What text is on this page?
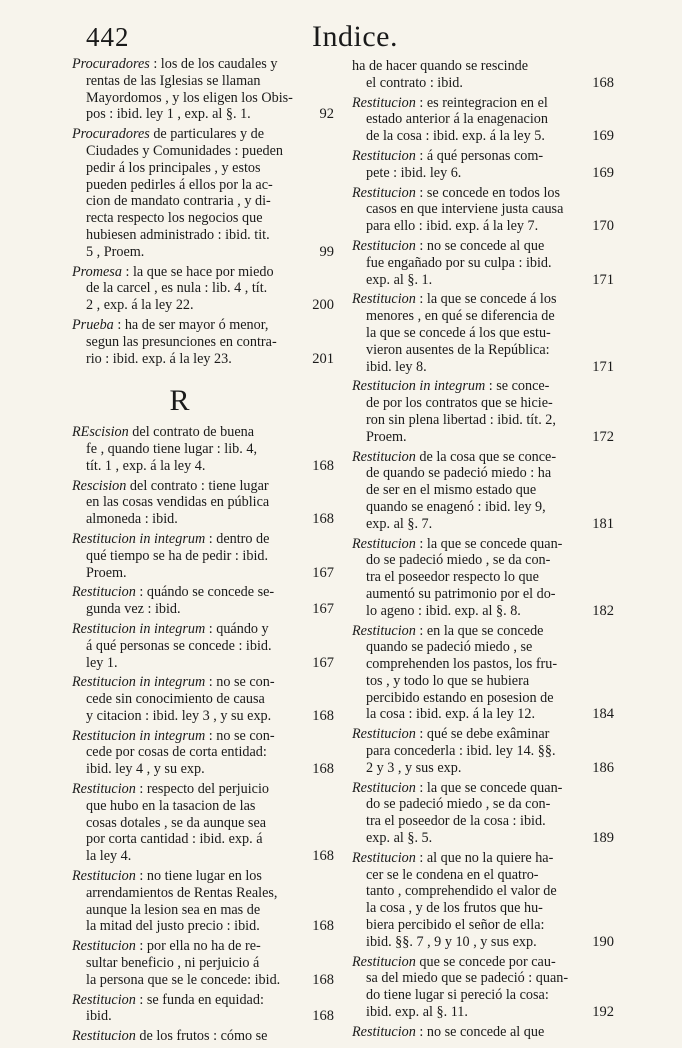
442	Indice.
Procuradores : los de los caudales y
rentas de las Iglesias se llaman
Mayordomos , y los eligen los Obis-
pos : ibid. ley 1 , exp. al §. 1.	92
Procuradores de particulares y de
Ciudades y Comunidades : pueden
pedir á los principales , y estos
pueden pedirles á ellos por la ac-
cion de mandato contraria , y di-
recta respecto los negocios que
hubiesen administrado : ibid. tit.
5 , Proem.	99
Promesa : la que se hace por miedo
de la carcel , es nula : lib. 4 , tít.
2 , exp. á la ley 22.	200
Prueba : ha de ser mayor ó menor,
segun las presunciones en contra-
rio : ibid. exp. á la ley 23.	201
R
REscision del contrato de buena
fe , quando tiene lugar : lib. 4,
tít. 1 , exp. á la ley 4.	168
Rescision del contrato : tiene lugar
en las cosas vendidas en pública
almoneda : ibid.	168
Restitucion in integrum : dentro de
qué tiempo se ha de pedir : ibid.
Proem.	167
Restitucion : quándo se concede se-
gunda vez : ibid.	167
Restitucion in integrum : quándo y
á qué personas se concede : ibid.
ley 1.	167
Restitucion in integrum : no se con-
cede sin conocimiento de causa
y citacion : ibid. ley 3 , y su exp.	168
Restitucion in integrum : no se con-
cede por cosas de corta entidad:
ibid. ley 4 , y su exp.	168
Restitucion : respecto del perjuicio
que hubo en la tasacion de las
cosas dotales , se da aunque sea
por corta cantidad : ibid. exp. á
la ley 4.	168
Restitucion : no tiene lugar en los
arrendamientos de Rentas Reales,
aunque la lesion sea en mas de
la mitad del justo precio : ibid.	168
Restitucion : por ella no ha de re-
sultar beneficio , ni perjuicio á
la persona que se le concede: ibid.	168
Restitucion : se funda en equidad:
ibid.	168
Restitucion de los frutos : cómo se
ha de hacer quando se rescinde
el contrato : ibid.	168
Restitucion : es reintegracion en el
estado anterior á la enagenacion
de la cosa : ibid. exp. á la ley 5.	169
Restitucion : á qué personas com-
pete : ibid. ley 6.	169
Restitucion : se concede en todos los
casos en que interviene justa causa
para ello : ibid. exp. á la ley 7.	170
Restitucion : no se concede al que
fue engañado por su culpa : ibid.
exp. al §. 1.	171
Restitucion : la que se concede á los
menores , en qué se diferencia de
la que se concede á los que estu-
vieron ausentes de la República:
ibid. ley 8.	171
Restitucion in integrum : se conce-
de por los contratos que se hicie-
ron sin plena libertad : ibid. tít. 2,
Proem.	172
Restitucion de la cosa que se conce-
de quando se padeció miedo : ha
de ser en el mismo estado que
quando se enagenó : ibid. ley 9,
exp. al §. 7.	181
Restitucion : la que se concede quan-
do se padeció miedo , se da con-
tra el poseedor respecto lo que
aumentó su patrimonio por el do-
lo ageno : ibid. exp. al §. 8.	182
Restitucion : en la que se concede
quando se padeció miedo , se
comprehenden los pastos, los fru-
tos , y todo lo que se hubiera
percibido estando en posesion de
la cosa : ibid. exp. á la ley 12.	184
Restitucion : qué se debe exâminar
para concederla : ibid. ley 14. §§.
2 y 3 , y sus exp.	186
Restitucion : la que se concede quan-
do se padeció miedo , se da con-
tra el poseedor de la cosa : ibid.
exp. al §. 5.	189
Restitucion : al que no la quiere ha-
cer se le condena en el quatro-
tanto , comprehendido el valor de
la cosa , y de los frutos que hu-
biera percibido el señor de ella:
ibid. §§. 7 , 9 y 10 , y sus exp.	190
Restitucion que se concede por cau-
sa del miedo que se padeció : quan-
do tiene lugar si pereció la cosa:
ibid. exp. al §. 11.	192
Restitucion : no se concede al que
